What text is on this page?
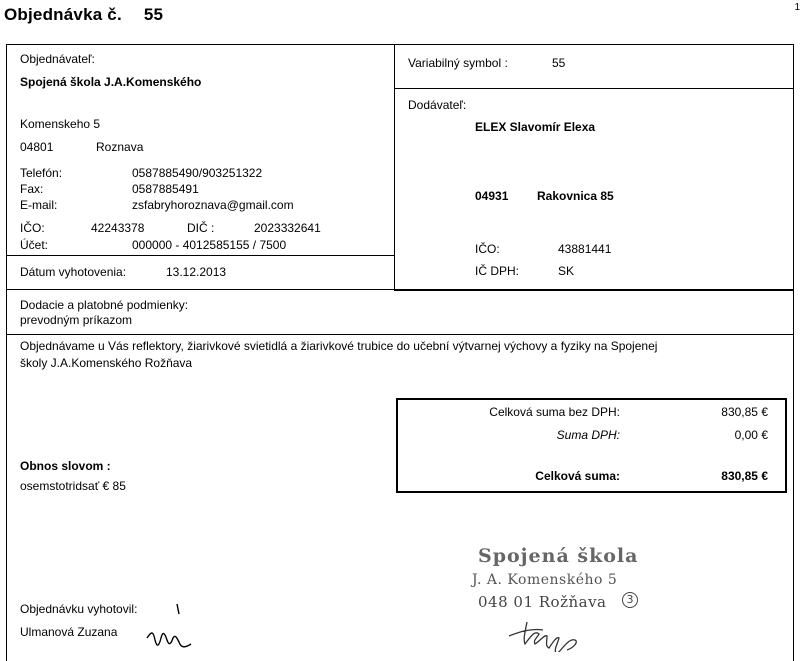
Objednávka č. 55	1
Objednávateľ:
Spojená škola J.A.Komenského
Komenskeho 5
04801	Roznava
Telefón:	0587885490/903251322
Fax:	0587885491
E-mail:	zsfabryhoroznava@gmail.com
IČO:	42243378	DIČ :	2023332641
Účet:	000000 - 4012585155 / 7500
Dátum vyhotovenia:	13.12.2013
Variabilný symbol :	55
Dodávateľ:
ELEX Slavomír Elexa
04931 Rakovnica 85
IČO:	43881441
IČ DPH:	SK
Dodacie a platobné podmienky:
prevodným príkazom
Objednávame u Vás reflektory, žiarivkové svietidlá a žiarivkové trubice do učební výtvarnej výchovy a fyziky na Spojenej
školy J.A.Komenského Rožňava
Celková suma bez DPH:	830,85 €
Suma DPH:	0,00 €
Celková suma:	830,85 €
Obnos slovom :
osemstotridsať € 85
Objednávku vyhotovil:
Ulmanová Zuzana
Spojená škola
J. A. Komenského 5
048 01 Rožňava	3
